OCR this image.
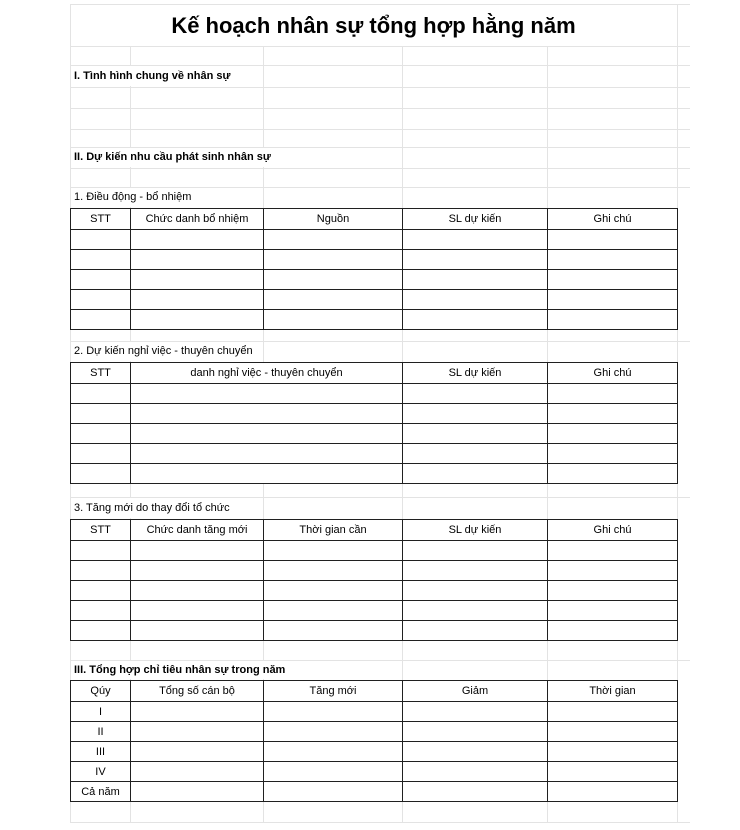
Kế hoạch nhân sự tổng hợp hằng năm
I. Tình hình chung về nhân sự
II. Dự kiến nhu cầu phát sinh nhân sự
1. Điều động - bổ nhiệm
2. Dự kiến nghỉ việc - thuyên chuyển
3. Tăng mới do thay đổi tổ chức
III. Tổng hợp chỉ tiêu nhân sự trong năm
STT	Chức danh bổ nhiệm	Nguồn	SL dự kiến	Ghi chú

STT	danh nghỉ việc - thuyên chuyển	SL dự kiến	Ghi chú

STT	Chức danh tăng mới	Thời gian cần	SL dự kiến	Ghi chú

Qúy	Tổng số cán bộ	Tăng mới	Giảm	Thời gian
I				
II				
III				
IV				
Cả năm				
